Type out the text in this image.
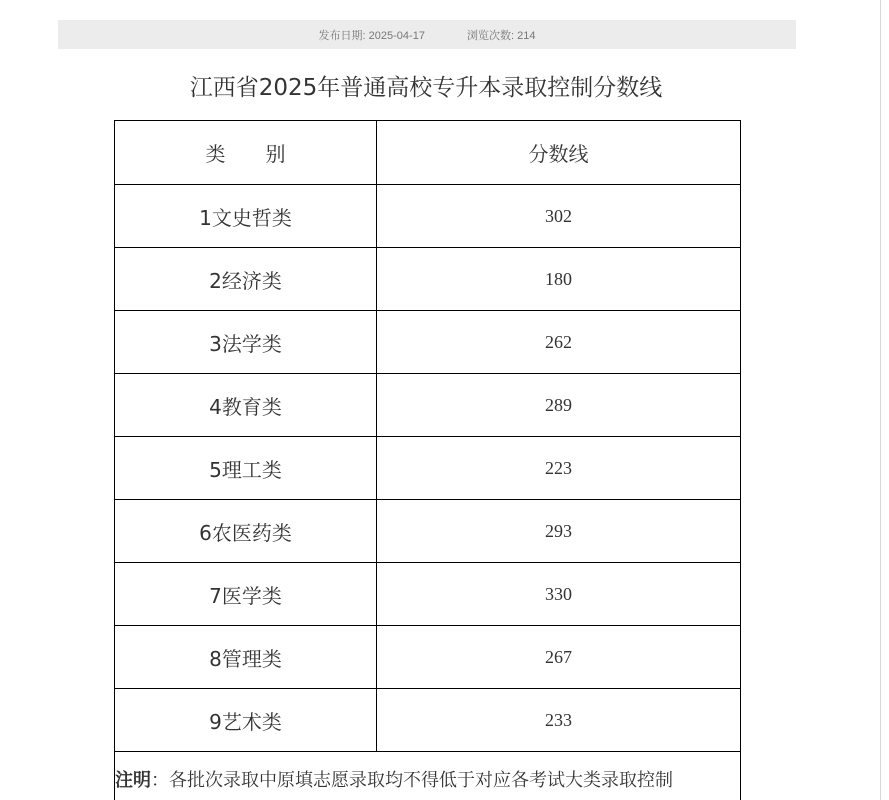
发布日期: 2025-04-17	浏览次数: 214
江西省2025年普通高校专升本录取控制分数线
类　　别	分数线
1文史哲类	302
2经济类	180
3法学类	262
4教育类	289
5理工类	223
6农医药类	293
7医学类	330
8管理类	267
9艺术类	233
注明：各批次录取中原填志愿录取均不得低于对应各考试大类录取控制	
